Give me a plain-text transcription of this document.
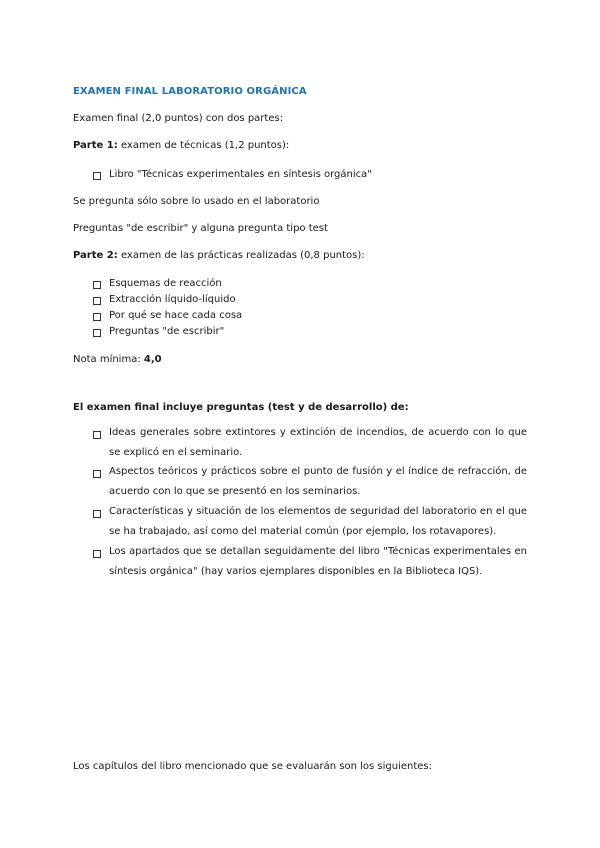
EXAMEN FINAL LABORATORIO ORGÁNICA
Examen final (2,0 puntos) con dos partes:
Parte 1: examen de técnicas (1,2 puntos):
Libro "Técnicas experimentales en síntesis orgánica"
Se pregunta sólo sobre lo usado en el laboratorio
Preguntas "de escribir" y alguna pregunta tipo test
Parte 2: examen de las prácticas realizadas (0,8 puntos):
Esquemas de reacción
Extracción líquido-líquido
Por qué se hace cada cosa
Preguntas "de escribir"
Nota mínima: 4,0
El examen final incluye preguntas (test y de desarrollo) de:
Ideas generales sobre extintores y extinción de incendios, de acuerdo con lo que se explicó en el seminario.
Aspectos teóricos y prácticos sobre el punto de fusión y el índice de refracción, de acuerdo con lo que se presentó en los seminarios.
Características y situación de los elementos de seguridad del laboratorio en el que se ha trabajado, así como del material común (por ejemplo, los rotavapores).
Los apartados que se detallan seguidamente del libro "Técnicas experimentales en síntesis orgánica" (hay varios ejemplares disponibles en la Biblioteca IQS).
Los capítulos del libro mencionado que se evaluarán son los siguientes:
